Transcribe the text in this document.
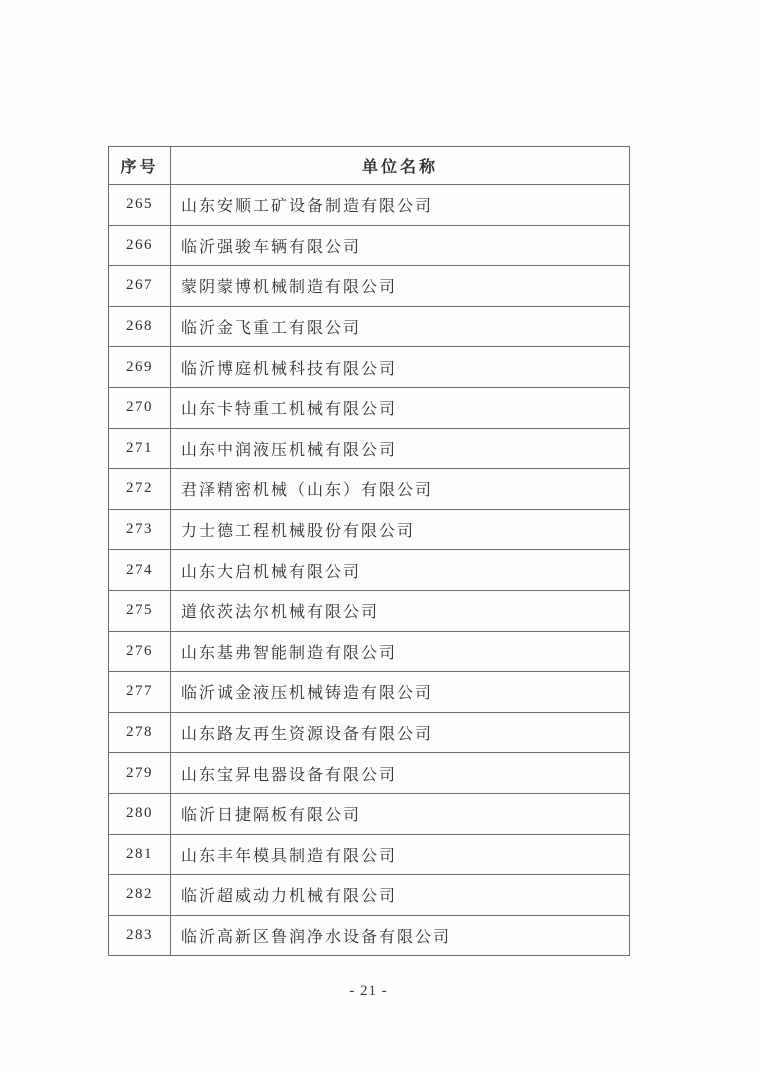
序号	单位名称
265	山东安顺工矿设备制造有限公司
266	临沂强骏车辆有限公司
267	蒙阴蒙博机械制造有限公司
268	临沂金飞重工有限公司
269	临沂博庭机械科技有限公司
270	山东卡特重工机械有限公司
271	山东中润液压机械有限公司
272	君泽精密机械（山东）有限公司
273	力士德工程机械股份有限公司
274	山东大启机械有限公司
275	道依茨法尔机械有限公司
276	山东基弗智能制造有限公司
277	临沂诚金液压机械铸造有限公司
278	山东路友再生资源设备有限公司
279	山东宝昇电器设备有限公司
280	临沂日捷隔板有限公司
281	山东丰年模具制造有限公司
282	临沂超威动力机械有限公司
283	临沂高新区鲁润净水设备有限公司
- 21 -
